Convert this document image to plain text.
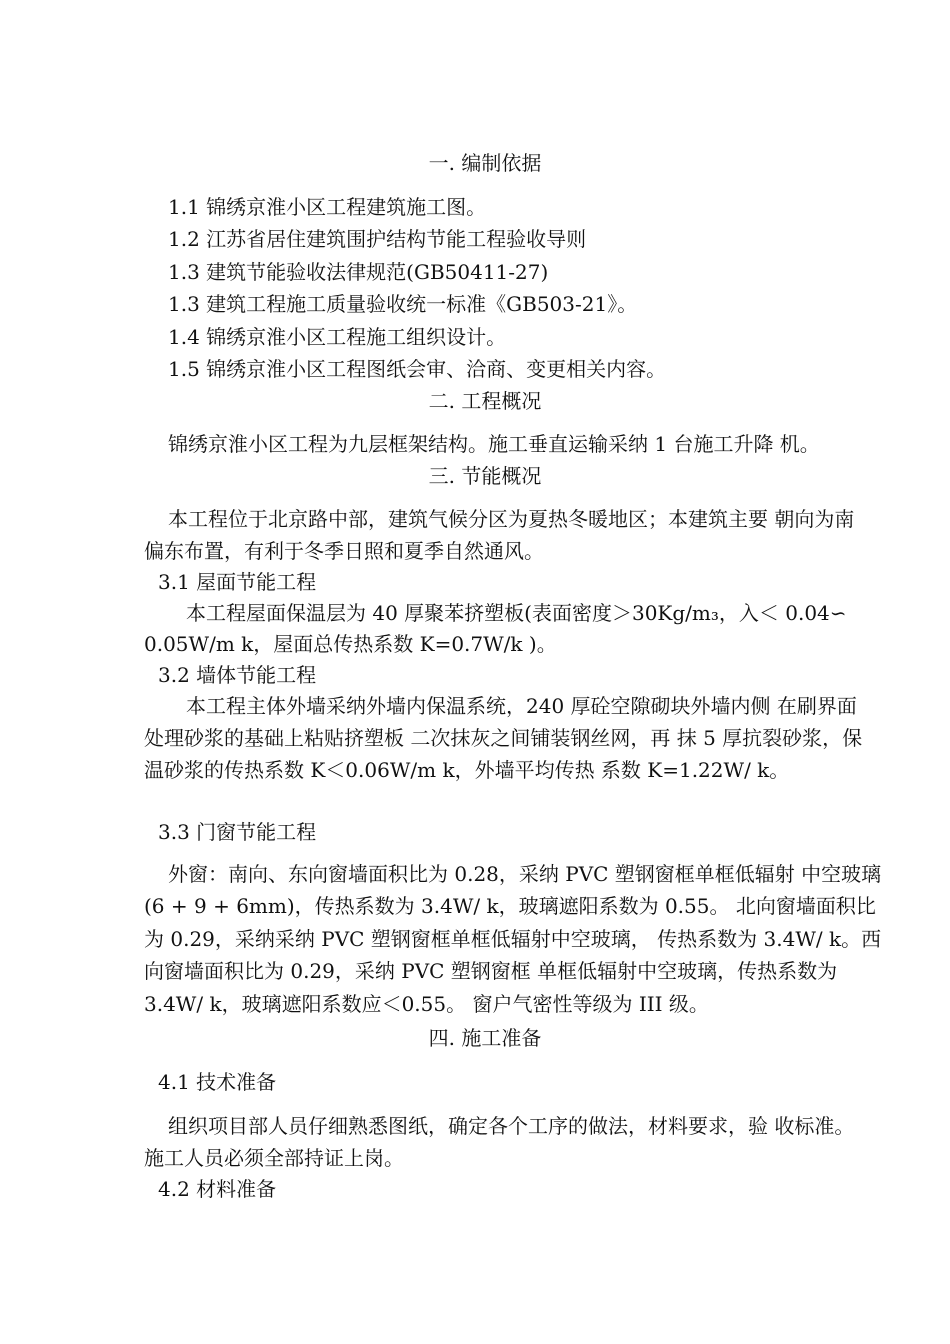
一. 编制依据
1.1 锦绣京淮小区工程建筑施工图。
1.2 江苏省居住建筑围护结构节能工程验收导则
1.3 建筑节能验收法律规范(GB50411-27)
1.3 建筑工程施工质量验收统一标准《GB503-21》。
1.4 锦绣京淮小区工程施工组织设计。
1.5 锦绣京淮小区工程图纸会审、洽商、变更相关内容。
二. 工程概况
锦绣京淮小区工程为九层框架结构。施工垂直运输采纳 1 台施工升降 机。
三. 节能概况
本工程位于北京路中部，建筑气候分区为夏热冬暖地区；本建筑主要 朝向为南
偏东布置，有利于冬季日照和夏季自然通风。
3.1 屋面节能工程
本工程屋面保温层为 40 厚聚苯挤塑板(表面密度＞30Kg/m₃，入＜ 0.04∽
0.05W/m k，屋面总传热系数 K=0.7W/k )。
3.2 墙体节能工程
本工程主体外墙采纳外墙内保温系统，240 厚砼空隙砌块外墙内侧 在刷界面
处理砂浆的基础上粘贴挤塑板 二次抹灰之间铺装钢丝网，再 抹 5 厚抗裂砂浆，保
温砂浆的传热系数 K＜0.06W/m k，外墙平均传热 系数 K=1.22W/ k。
3.3 门窗节能工程
外窗：南向、东向窗墙面积比为 0.28，采纳 PVC 塑钢窗框单框低辐射 中空玻璃
(6 + 9 + 6mm)，传热系数为 3.4W/ k，玻璃遮阳系数为 0.55。 北向窗墙面积比
为 0.29，采纳采纳 PVC 塑钢窗框单框低辐射中空玻璃， 传热系数为 3.4W/ k。西
向窗墙面积比为 0.29，采纳 PVC 塑钢窗框 单框低辐射中空玻璃，传热系数为
3.4W/ k，玻璃遮阳系数应＜0.55。 窗户气密性等级为 III 级。
四. 施工准备
4.1 技术准备
组织项目部人员仔细熟悉图纸，确定各个工序的做法，材料要求，验 收标准。
施工人员必须全部持证上岗。
4.2 材料准备
